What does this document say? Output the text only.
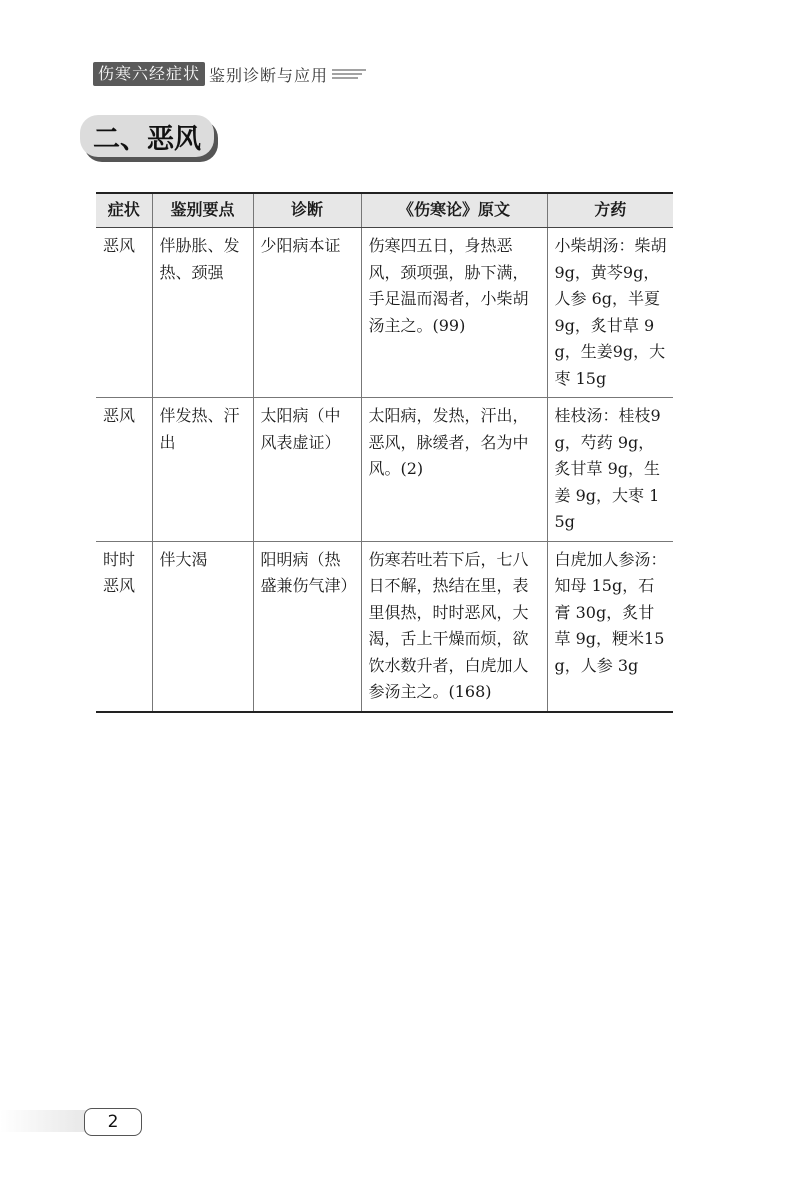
伤寒六经症状 鉴别诊断与应用
二、恶风
症状	鉴别要点	诊断	《伤寒论》原文	方药
恶风	伴胁胀、发热、颈强	少阳病本证	伤寒四五日，身热恶风，颈项强，胁下满，手足温而渴者，小柴胡汤主之。(99)	小柴胡汤：柴胡 9g，黄芩9g，人参 6g，半夏 9g，炙甘草 9g，生姜9g，大枣 15g
恶风	伴发热、汗出	太阳病（中风表虚证）	太阳病，发热，汗出，恶风，脉缓者，名为中风。(2)	桂枝汤：桂枝9g，芍药 9g，炙甘草 9g，生姜 9g，大枣 15g
时时恶风	伴大渴	阳明病（热盛兼伤气津）	伤寒若吐若下后，七八日不解，热结在里，表里俱热，时时恶风，大渴，舌上干燥而烦，欲饮水数升者，白虎加人参汤主之。(168)	白虎加人参汤：知母 15g，石膏 30g，炙甘草 9g，粳米15g，人参 3g
2
